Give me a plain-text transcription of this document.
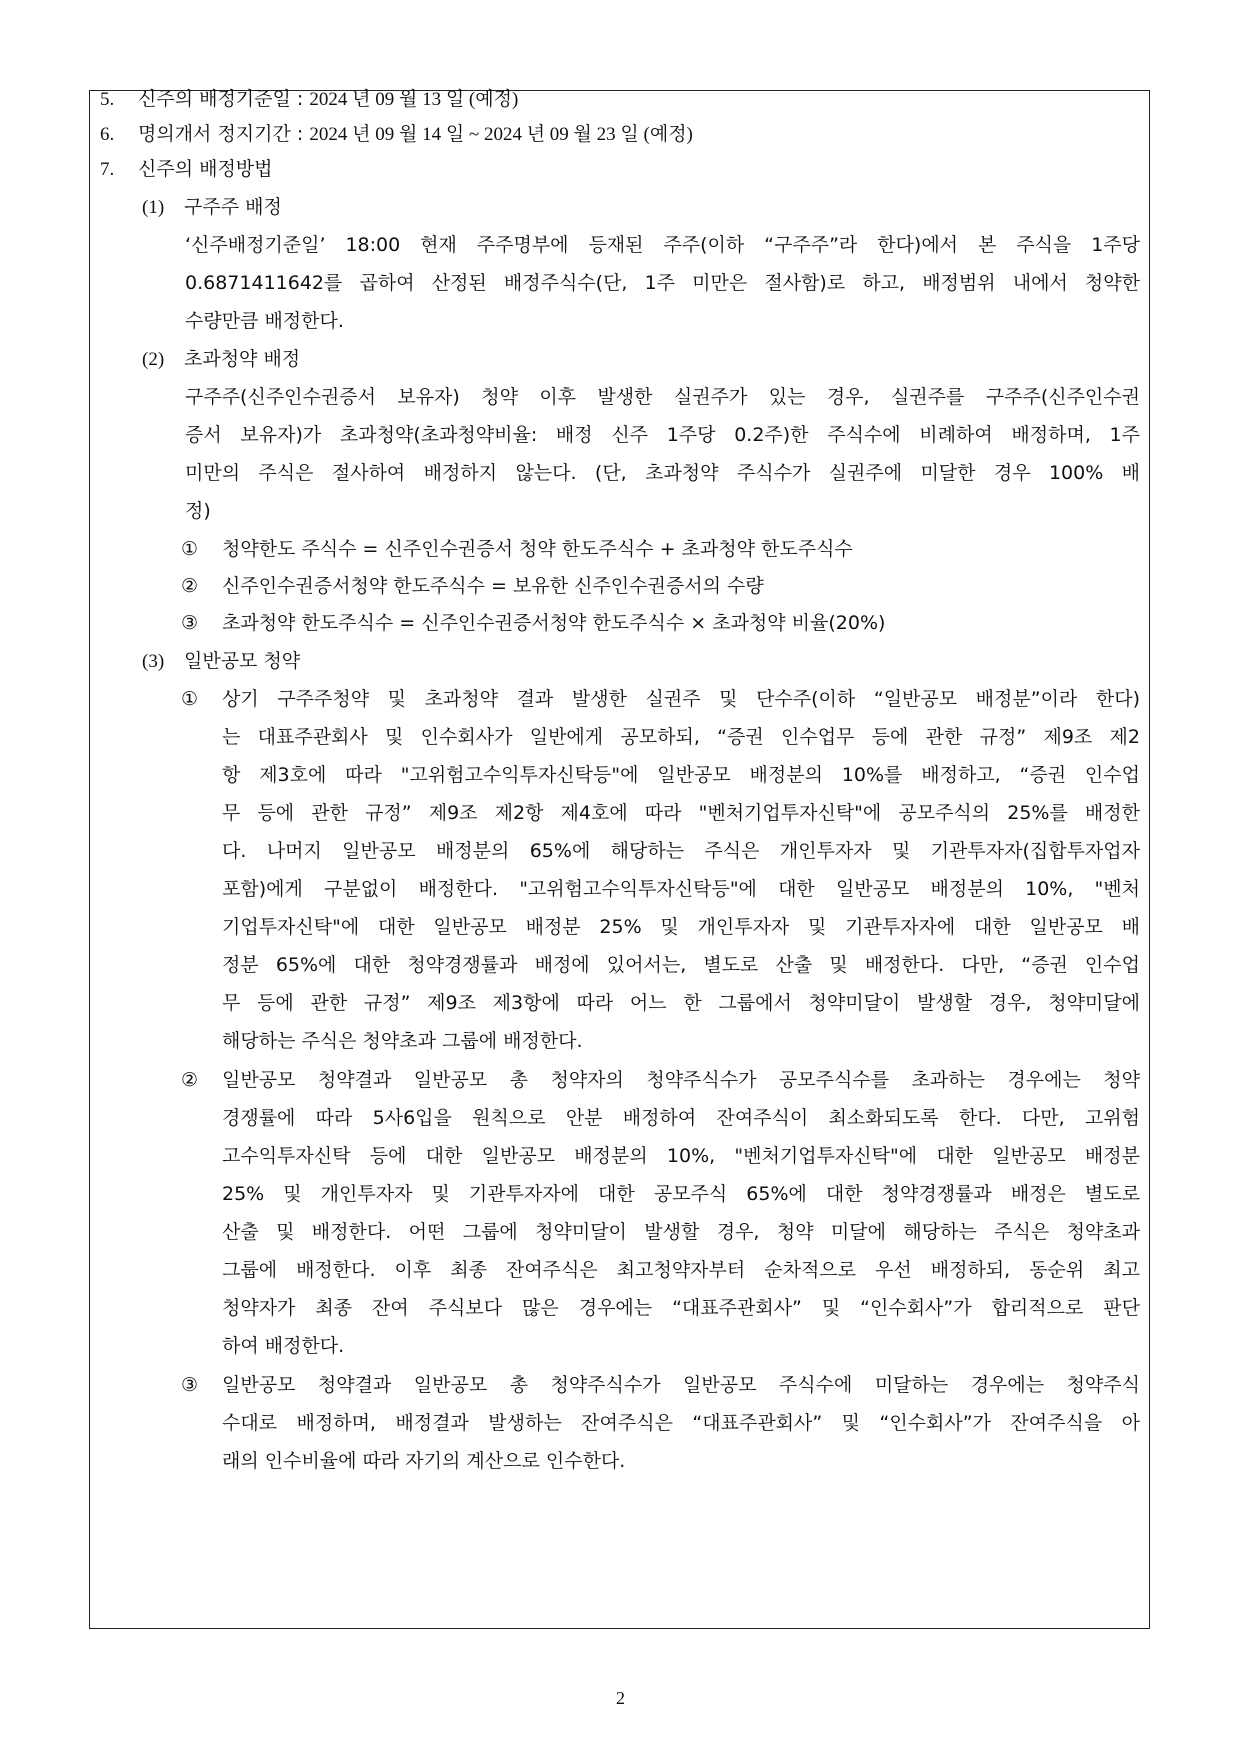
5. 신주의 배정기준일 : 2024 년 09 월 13 일 (예정)
6. 명의개서 정지기간 : 2024 년 09 월 14 일 ~ 2024 년 09 월 23 일 (예정)
7. 신주의 배정방법
(1) 구주주 배정
‘신주배정기준일’ 18:00 현재 주주명부에 등재된 주주(이하 “구주주”라 한다)에서 본 주식을 1주당
0.6871411642를 곱하여 산정된 배정주식수(단, 1주 미만은 절사함)로 하고, 배정범위 내에서 청약한
수량만큼 배정한다.
(2) 초과청약 배정
구주주(신주인수권증서 보유자) 청약 이후 발생한 실권주가 있는 경우, 실권주를 구주주(신주인수권
증서 보유자)가 초과청약(초과청약비율: 배정 신주 1주당 0.2주)한 주식수에 비례하여 배정하며, 1주
미만의 주식은 절사하여 배정하지 않는다. (단, 초과청약 주식수가 실권주에 미달한 경우 100% 배
정)
① 청약한도 주식수 = 신주인수권증서 청약 한도주식수 + 초과청약 한도주식수
② 신주인수권증서청약 한도주식수 = 보유한 신주인수권증서의 수량
③ 초과청약 한도주식수 = 신주인수권증서청약 한도주식수 × 초과청약 비율(20%)
(3) 일반공모 청약
① 상기 구주주청약 및 초과청약 결과 발생한 실권주 및 단수주(이하 “일반공모 배정분”이라 한다)
는 대표주관회사 및 인수회사가 일반에게 공모하되, “증권 인수업무 등에 관한 규정” 제9조 제2
항 제3호에 따라 "고위험고수익투자신탁등"에 일반공모 배정분의 10%를 배정하고, “증권 인수업
무 등에 관한 규정” 제9조 제2항 제4호에 따라 "벤처기업투자신탁"에 공모주식의 25%를 배정한
다. 나머지 일반공모 배정분의 65%에 해당하는 주식은 개인투자자 및 기관투자자(집합투자업자
포함)에게 구분없이 배정한다. "고위험고수익투자신탁등"에 대한 일반공모 배정분의 10%, "벤처
기업투자신탁"에 대한 일반공모 배정분 25% 및 개인투자자 및 기관투자자에 대한 일반공모 배
정분 65%에 대한 청약경쟁률과 배정에 있어서는, 별도로 산출 및 배정한다. 다만, “증권 인수업
무 등에 관한 규정” 제9조 제3항에 따라 어느 한 그룹에서 청약미달이 발생할 경우, 청약미달에
해당하는 주식은 청약초과 그룹에 배정한다.
② 일반공모 청약결과 일반공모 총 청약자의 청약주식수가 공모주식수를 초과하는 경우에는 청약
경쟁률에 따라 5사6입을 원칙으로 안분 배정하여 잔여주식이 최소화되도록 한다. 다만, 고위험
고수익투자신탁 등에 대한 일반공모 배정분의 10%, "벤처기업투자신탁"에 대한 일반공모 배정분
25% 및 개인투자자 및 기관투자자에 대한 공모주식 65%에 대한 청약경쟁률과 배정은 별도로
산출 및 배정한다. 어떤 그룹에 청약미달이 발생할 경우, 청약 미달에 해당하는 주식은 청약초과
그룹에 배정한다. 이후 최종 잔여주식은 최고청약자부터 순차적으로 우선 배정하되, 동순위 최고
청약자가 최종 잔여 주식보다 많은 경우에는 “대표주관회사” 및 “인수회사”가 합리적으로 판단
하여 배정한다.
③ 일반공모 청약결과 일반공모 총 청약주식수가 일반공모 주식수에 미달하는 경우에는 청약주식
수대로 배정하며, 배정결과 발생하는 잔여주식은 “대표주관회사” 및 “인수회사”가 잔여주식을 아
래의 인수비율에 따라 자기의 계산으로 인수한다.
2
